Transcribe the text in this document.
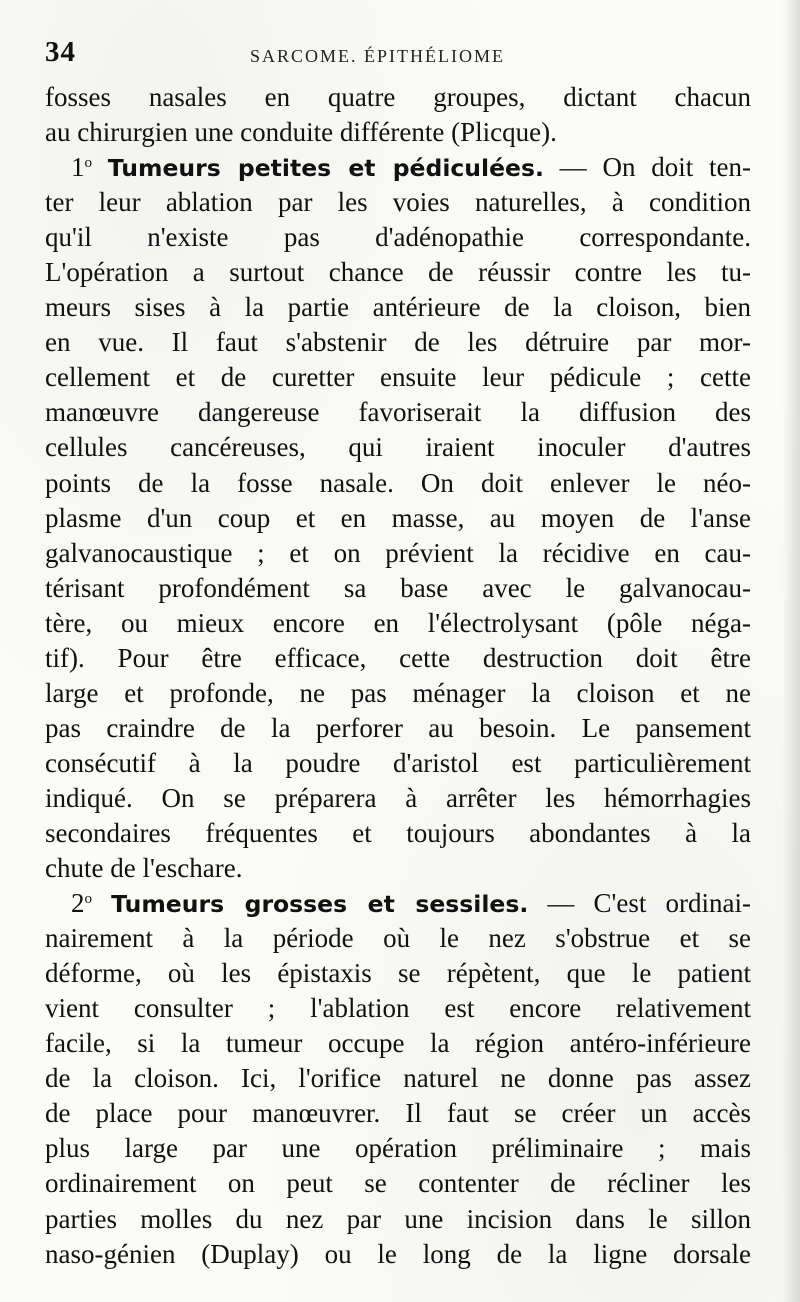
34	SARCOME. ÉPITHÉLIOME
fosses nasales en quatre groupes, dictant chacun
au chirurgien une conduite différente (Plicque).
1$^o$ Tumeurs petites et pédiculées. — On doit ten-
ter leur ablation par les voies naturelles, à condition
qu'il n'existe pas d'adénopathie correspondante.
L'opération a surtout chance de réussir contre les tu-
meurs sises à la partie antérieure de la cloison, bien
en vue. Il faut s'abstenir de les détruire par mor-
cellement et de curetter ensuite leur pédicule ; cette
manœuvre dangereuse favoriserait la diffusion des
cellules cancéreuses, qui iraient inoculer d'autres
points de la fosse nasale. On doit enlever le néo-
plasme d'un coup et en masse, au moyen de l'anse
galvanocaustique ; et on prévient la récidive en cau-
térisant profondément sa base avec le galvanocau-
tère, ou mieux encore en l'électrolysant (pôle néga-
tif). Pour être efficace, cette destruction doit être
large et profonde, ne pas ménager la cloison et ne
pas craindre de la perforer au besoin. Le pansement
consécutif à la poudre d'aristol est particulièrement
indiqué. On se préparera à arrêter les hémorrhagies
secondaires fréquentes et toujours abondantes à la
chute de l'eschare.
2$^o$ Tumeurs grosses et sessiles. — C'est ordinai-
nairement à la période où le nez s'obstrue et se
déforme, où les épistaxis se répètent, que le patient
vient consulter ; l'ablation est encore relativement
facile, si la tumeur occupe la région antéro-inférieure
de la cloison. Ici, l'orifice naturel ne donne pas assez
de place pour manœuvrer. Il faut se créer un accès
plus large par une opération préliminaire ; mais
ordinairement on peut se contenter de récliner les
parties molles du nez par une incision dans le sillon
naso-génien (Duplay) ou le long de la ligne dorsale
